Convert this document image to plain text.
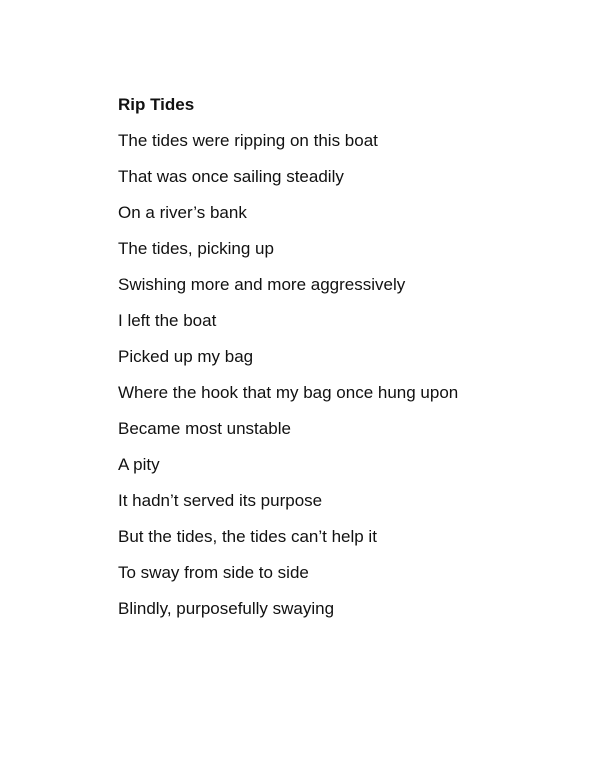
Rip Tides
The tides were ripping on this boat
That was once sailing steadily
On a river’s bank
The tides, picking up
Swishing more and more aggressively
I left the boat
Picked up my bag
Where the hook that my bag once hung upon
Became most unstable
A pity
It hadn’t served its purpose
But the tides, the tides can’t help it
To sway from side to side
Blindly, purposefully swaying
